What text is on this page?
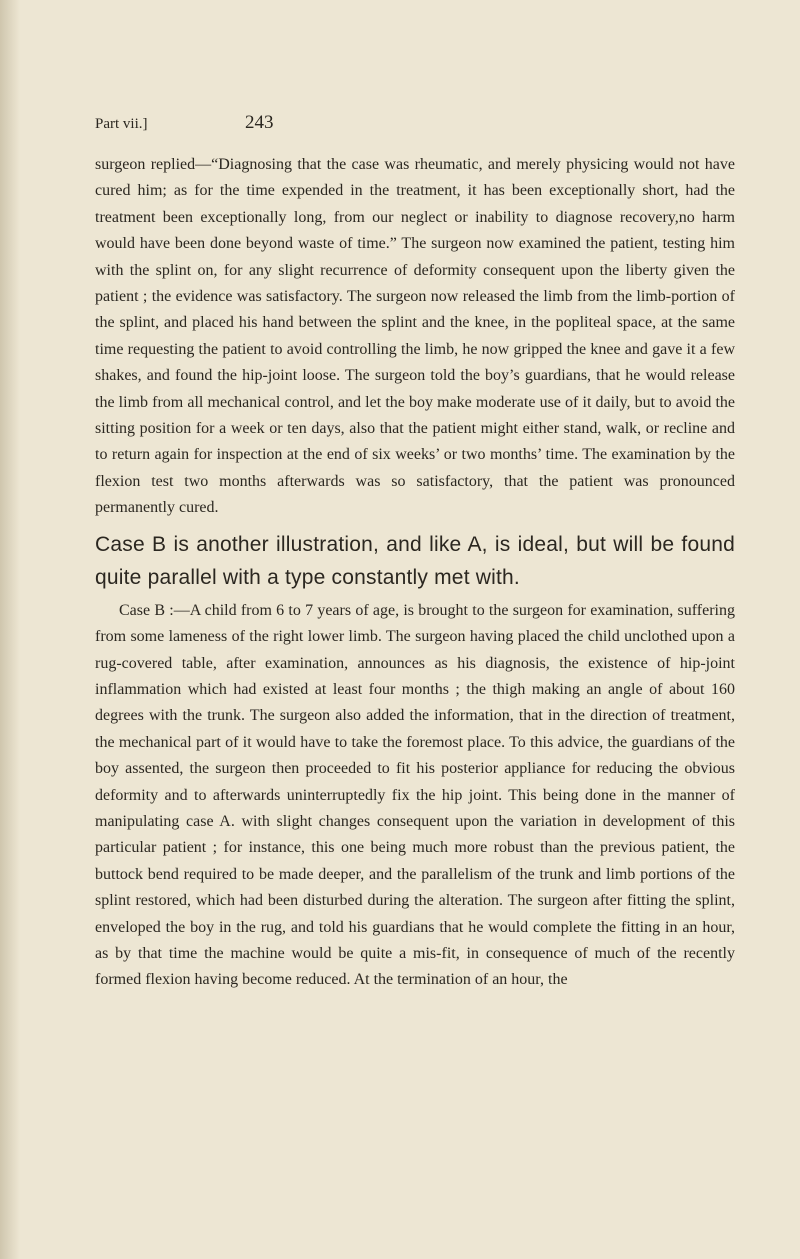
Part vii.]	243

surgeon replied—“Diagnosing that the case was rheumatic, and merely physicing would not have cured him; as for the time expended in the treatment, it has been exceptionally short, had the treatment been exceptionally long, from our neglect or inability to diagnose recovery,no harm would have been done beyond waste of time.” The surgeon now examined the patient, testing him with the splint on, for any slight recurrence of deformity consequent upon the liberty given the patient ; the evidence was satisfactory. The surgeon now released the limb from the limb-portion of the splint, and placed his hand between the splint and the knee, in the popliteal space, at the same time requesting the patient to avoid controlling the limb, he now gripped the knee and gave it a few shakes, and found the hip-joint loose. The surgeon told the boy’s guardians, that he would release the limb from all mechanical control, and let the boy make moderate use of it daily, but to avoid the sitting position for a week or ten days, also that the patient might either stand, walk, or recline and to return again for inspection at the end of six weeks’ or two months’ time. The examination by the flexion test two months afterwards was so satisfactory, that the patient was pronounced permanently cured.

Case B is another illustration, and like A, is ideal, but will be found quite parallel with a type constantly met with.

Case B :—A child from 6 to 7 years of age, is brought to the surgeon for examination, suffering from some lameness of the right lower limb. The surgeon having placed the child unclothed upon a rug-covered table, after examination, announces as his diagnosis, the existence of hip-joint inflammation which had existed at least four months ; the thigh making an angle of about 160 degrees with the trunk. The surgeon also added the information, that in the direction of treatment, the mechanical part of it would have to take the foremost place. To this advice, the guardians of the boy assented, the surgeon then proceeded to fit his posterior appliance for reducing the obvious deformity and to afterwards uninterruptedly fix the hip joint. This being done in the manner of manipulating case A. with slight changes consequent upon the variation in development of this particular patient ; for instance, this one being much more robust than the previous patient, the buttock bend required to be made deeper, and the parallelism of the trunk and limb portions of the splint restored, which had been disturbed during the alteration. The surgeon after fitting the splint, enveloped the boy in the rug, and told his guardians that he would complete the fitting in an hour, as by that time the machine would be quite a mis-fit, in consequence of much of the recently formed flexion having become reduced. At the termination of an hour, the
